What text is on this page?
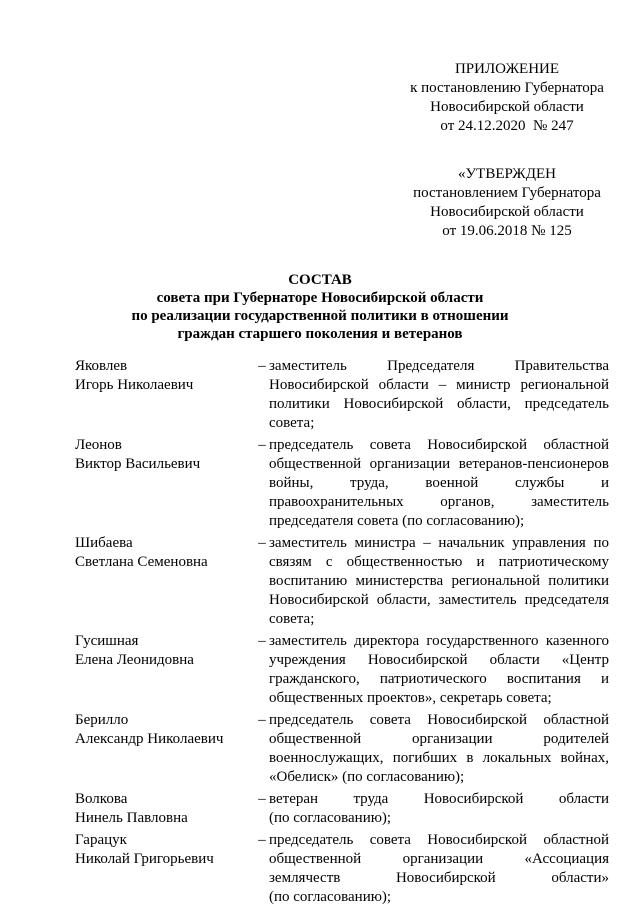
ПРИЛОЖЕНИЕ
к постановлению Губернатора
Новосибирской области
от 24.12.2020  № 247
«УТВЕРЖДЕН
постановлением Губернатора
Новосибирской области
от 19.06.2018 № 125
СОСТАВ
совета при Губернаторе Новосибирской области
по реализации государственной политики в отношении
граждан старшего поколения и ветеранов
Яковлев
Игорь Николаевич
– заместитель Председателя Правительства
Новосибирской области – министр региональной
политики Новосибирской области, председатель
совета;
Леонов
Виктор Васильевич
– председатель совета Новосибирской областной
общественной организации ветеранов-пенсионеров
войны, труда, военной службы и
правоохранительных органов, заместитель
председателя совета (по согласованию);
Шибаева
Светлана Семеновна
– заместитель министра – начальник управления по
связям с общественностью и патриотическому
воспитанию министерства региональной политики
Новосибирской области, заместитель председателя
совета;
Гусишная
Елена Леонидовна
– заместитель директора государственного казенного
учреждения Новосибирской области «Центр
гражданского, патриотического воспитания и
общественных проектов», секретарь совета;
Берилло
Александр Николаевич
– председатель совета Новосибирской областной
общественной организации родителей
военнослужащих, погибших в локальных войнах,
«Обелиск» (по согласованию);
Волкова
Нинель Павловна
– ветеран труда Новосибирской области
(по согласованию);
Гарацук
Николай Григорьевич
– председатель совета Новосибирской областной
общественной организации «Ассоциация
землячеств Новосибирской области»
(по согласованию);
